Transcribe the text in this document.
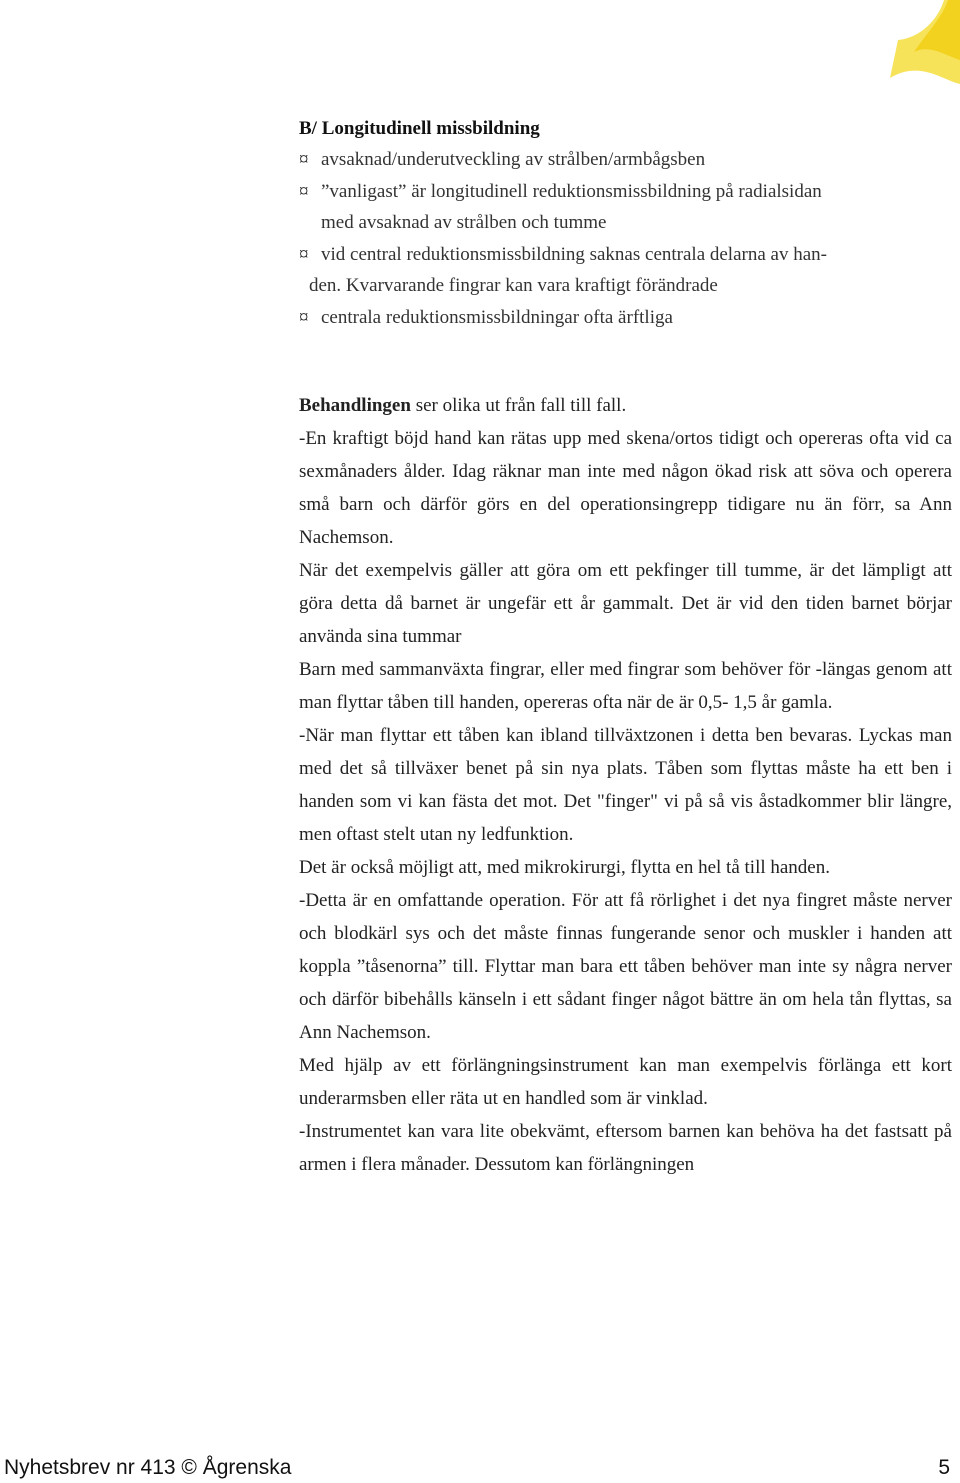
B/ Longitudinell missbildning
¤ avsaknad/underutveckling av strålben/armbågsben
¤ ”vanligast” är longitudinell reduktionsmissbildning på radialsidan
med avsaknad av strålben och tumme
¤ vid central reduktionsmissbildning saknas centrala delarna av han-
den. Kvarvarande fingrar kan vara kraftigt förändrade
¤ centrala reduktionsmissbildningar ofta ärftliga

Behandlingen ser olika ut från fall till fall.

-En kraftigt böjd hand kan rätas upp med skena/ortos tidigt och opereras ofta vid ca sexmånaders ålder. Idag räknar man inte med någon ökad risk att söva och operera små barn och därför görs en del operationsingrepp tidigare nu än förr, sa Ann Nachemson.

När det exempelvis gäller att göra om ett pekfinger till tumme, är det lämpligt att göra detta då barnet är ungefär ett år gammalt. Det är vid den tiden barnet börjar använda sina tummar

Barn med sammanväxta fingrar, eller med fingrar som behöver för -längas genom att man flyttar tåben till handen, opereras ofta när de är 0,5- 1,5 år gamla.

-När man flyttar ett tåben kan ibland tillväxtzonen i detta ben bevaras. Lyckas man med det så tillväxer benet på sin nya plats. Tåben som flyttas måste ha ett ben i handen som vi kan fästa det mot. Det "finger" vi på så vis åstadkommer blir längre, men oftast stelt utan ny ledfunktion.

Det är också möjligt att, med mikrokirurgi, flytta en hel tå till handen.

-Detta är en omfattande operation. För att få rörlighet i det nya fingret måste nerver och blodkärl sys och det måste finnas fungerande senor och muskler i handen att koppla ”tåsenorna” till. Flyttar man bara ett tåben behöver man inte sy några nerver och därför bibehålls känseln i ett sådant finger något bättre än om hela tån flyttas, sa Ann Nachemson.

Med hjälp av ett förlängningsinstrument kan man exempelvis förlänga ett kort underarmsben eller räta ut en handled som är vinklad.

-Instrumentet kan vara lite obekvämt, eftersom barnen kan behöva ha det fastsatt på armen i flera månader. Dessutom kan förlängningen

Nyhetsbrev nr 413 © Ågrenska	5
